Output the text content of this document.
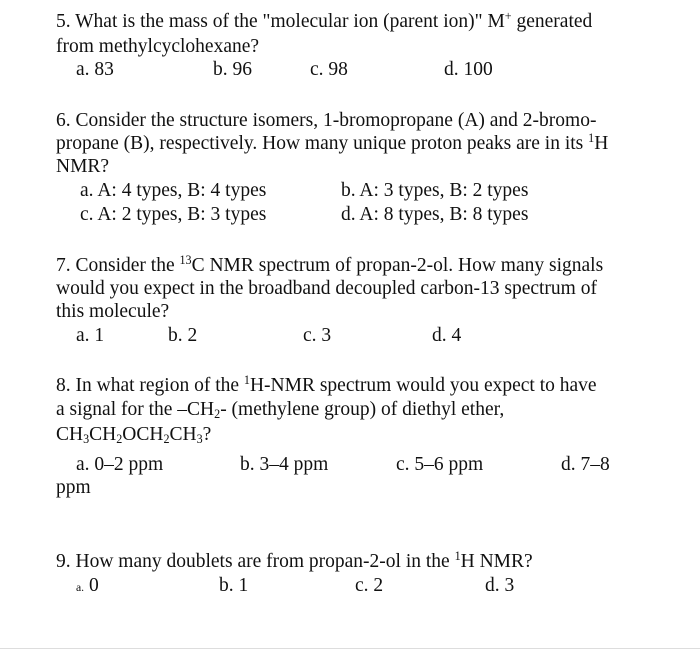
5. What is the mass of the "molecular ion (parent ion)" M+ generated
from methylcyclohexane?
a. 83	b. 96	c. 98	d. 100
6. Consider the structure isomers, 1-bromopropane (A) and 2-bromo-
propane (B), respectively. How many unique proton peaks are in its $^1$H
NMR?
a. A: 4 types, B: 4 types	b. A: 3 types, B: 2 types
c. A: 2 types, B: 3 types	d. A: 8 types, B: 8 types
7. Consider the $^{13}$C NMR spectrum of propan-2-ol. How many signals
would you expect in the broadband decoupled carbon-13 spectrum of
this molecule?
a. 1	b. 2	c. 3	d. 4
8. In what region of the $^1$H-NMR spectrum would you expect to have
a signal for the $-CH_2-$ (methylene group) of diethyl ether,
$CH_3CH_2OCH_2CH_3$?
a. 0–2 ppm	b. 3–4 ppm	c. 5–6 ppm	d. 7–8
ppm
9. How many doublets are from propan-2-ol in the $^1$H NMR?
a. 0	b. 1	c. 2	d. 3
